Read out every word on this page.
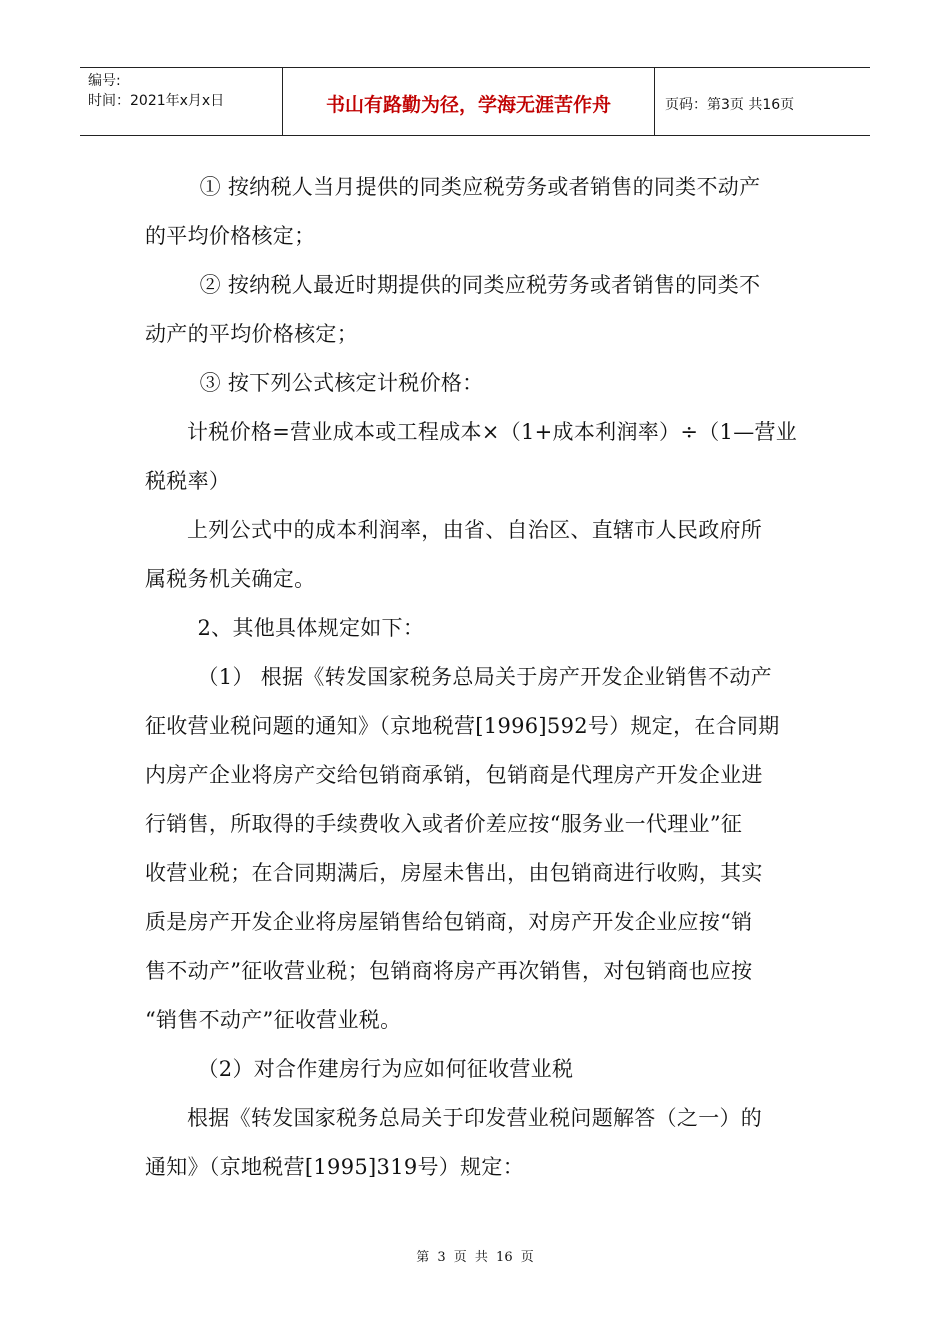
编号:
时间：2021年x月x日	书山有路勤为径，学海无涯苦作舟	页码：第3页 共16页

① 按纳税人当月提供的同类应税劳务或者销售的同类不动产

的平均价格核定；

② 按纳税人最近时期提供的同类应税劳务或者销售的同类不

动产的平均价格核定；

③ 按下列公式核定计税价格：

计税价格=营业成本或工程成本×（1+成本利润率）÷（1—营业

税税率）

上列公式中的成本利润率，由省、自治区、直辖市人民政府所

属税务机关确定。

2、其他具体规定如下：

（1） 根据《转发国家税务总局关于房产开发企业销售不动产

征收营业税问题的通知》（京地税营[1996]592号）规定，在合同期

内房产企业将房产交给包销商承销，包销商是代理房产开发企业进

行销售，所取得的手续费收入或者价差应按“服务业一代理业”征

收营业税；在合同期满后，房屋未售出，由包销商进行收购，其实

质是房产开发企业将房屋销售给包销商，对房产开发企业应按“销

售不动产”征收营业税；包销商将房产再次销售，对包销商也应按

“销售不动产”征收营业税。

（2）对合作建房行为应如何征收营业税

根据《转发国家税务总局关于印发营业税问题解答（之一）的

通知》（京地税营[1995]319号）规定：

第 3 页 共 16 页
